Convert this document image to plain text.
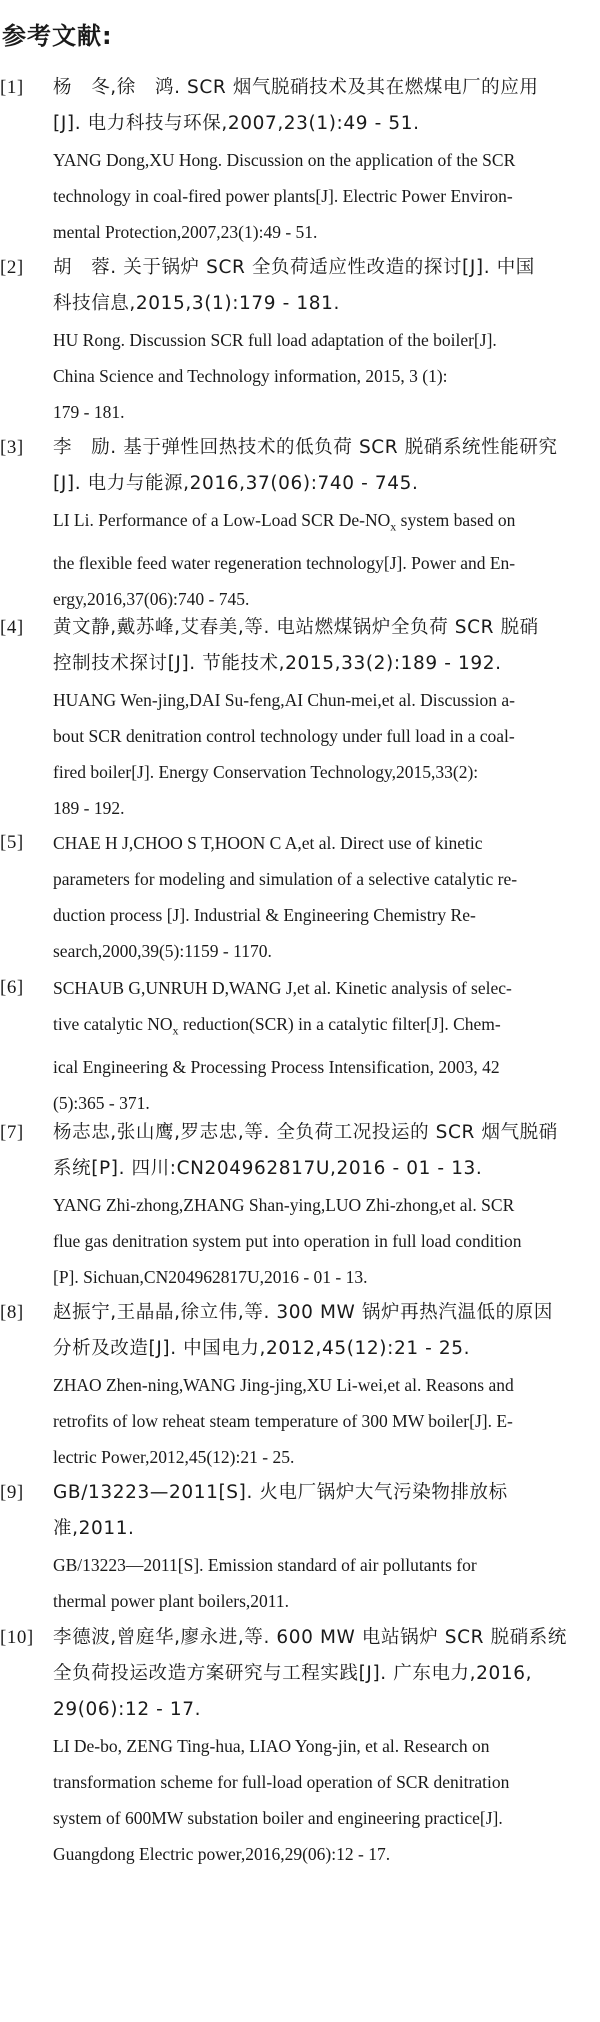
参考文献:
[1]	杨　冬,徐　鸿. SCR 烟气脱硝技术及其在燃煤电厂的应用
[J]. 电力科技与环保,2007,23(1):49 - 51.
YANG Dong,XU Hong. Discussion on the application of the SCR
technology in coal-fired power plants[J]. Electric Power Environ-
mental Protection,2007,23(1):49 - 51.
[2]	胡　蓉. 关于锅炉 SCR 全负荷适应性改造的探讨[J]. 中国
科技信息,2015,3(1):179 - 181.
HU Rong. Discussion SCR full load adaptation of the boiler[J].
China Science and Technology information, 2015, 3 (1):
179 - 181.
[3]	李　励. 基于弹性回热技术的低负荷 SCR 脱硝系统性能研究
[J]. 电力与能源,2016,37(06):740 - 745.
LI Li. Performance of a Low-Load SCR $De-NO_x$ system based on
the flexible feed water regeneration technology[J]. Power and En-
ergy,2016,37(06):740 - 745.
[4]	黄文静,戴苏峰,艾春美,等. 电站燃煤锅炉全负荷 SCR 脱硝
控制技术探讨[J]. 节能技术,2015,33(2):189 - 192.
HUANG Wen-jing,DAI Su-feng,AI Chun-mei,et al. Discussion a-
bout SCR denitration control technology under full load in a coal-
fired boiler[J]. Energy Conservation Technology,2015,33(2):
189 - 192.
[5]	CHAE H J,CHOO S T,HOON C A,et al. Direct use of kinetic
parameters for modeling and simulation of a selective catalytic re-
duction process [J]. Industrial & Engineering Chemistry Re-
search,2000,39(5):1159 - 1170.
[6]	SCHAUB G,UNRUH D,WANG J,et al. Kinetic analysis of selec-
tive catalytic $NO_x$ reduction(SCR) in a catalytic filter[J]. Chem-
ical Engineering & Processing Process Intensification, 2003, 42
(5):365 - 371.
[7]	杨志忠,张山鹰,罗志忠,等. 全负荷工况投运的 SCR 烟气脱硝
系统[P]. 四川:CN204962817U,2016 - 01 - 13.
YANG Zhi-zhong,ZHANG Shan-ying,LUO Zhi-zhong,et al. SCR
flue gas denitration system put into operation in full load condition
[P]. Sichuan,CN204962817U,2016 - 01 - 13.
[8]	赵振宁,王晶晶,徐立伟,等. 300 MW 锅炉再热汽温低的原因
分析及改造[J]. 中国电力,2012,45(12):21 - 25.
ZHAO Zhen-ning,WANG Jing-jing,XU Li-wei,et al. Reasons and
retrofits of low reheat steam temperature of 300 MW boiler[J]. E-
lectric Power,2012,45(12):21 - 25.
[9]	GB/13223—2011[S]. 火电厂锅炉大气污染物排放标
准,2011.
GB/13223—2011[S]. Emission standard of air pollutants for
thermal power plant boilers,2011.
[10]	李德波,曾庭华,廖永进,等. 600 MW 电站锅炉 SCR 脱硝系统
全负荷投运改造方案研究与工程实践[J]. 广东电力,2016,
29(06):12 - 17.
LI De-bo, ZENG Ting-hua, LIAO Yong-jin, et al. Research on
transformation scheme for full-load operation of SCR denitration
system of 600MW substation boiler and engineering practice[J].
Guangdong Electric power,2016,29(06):12 - 17.
